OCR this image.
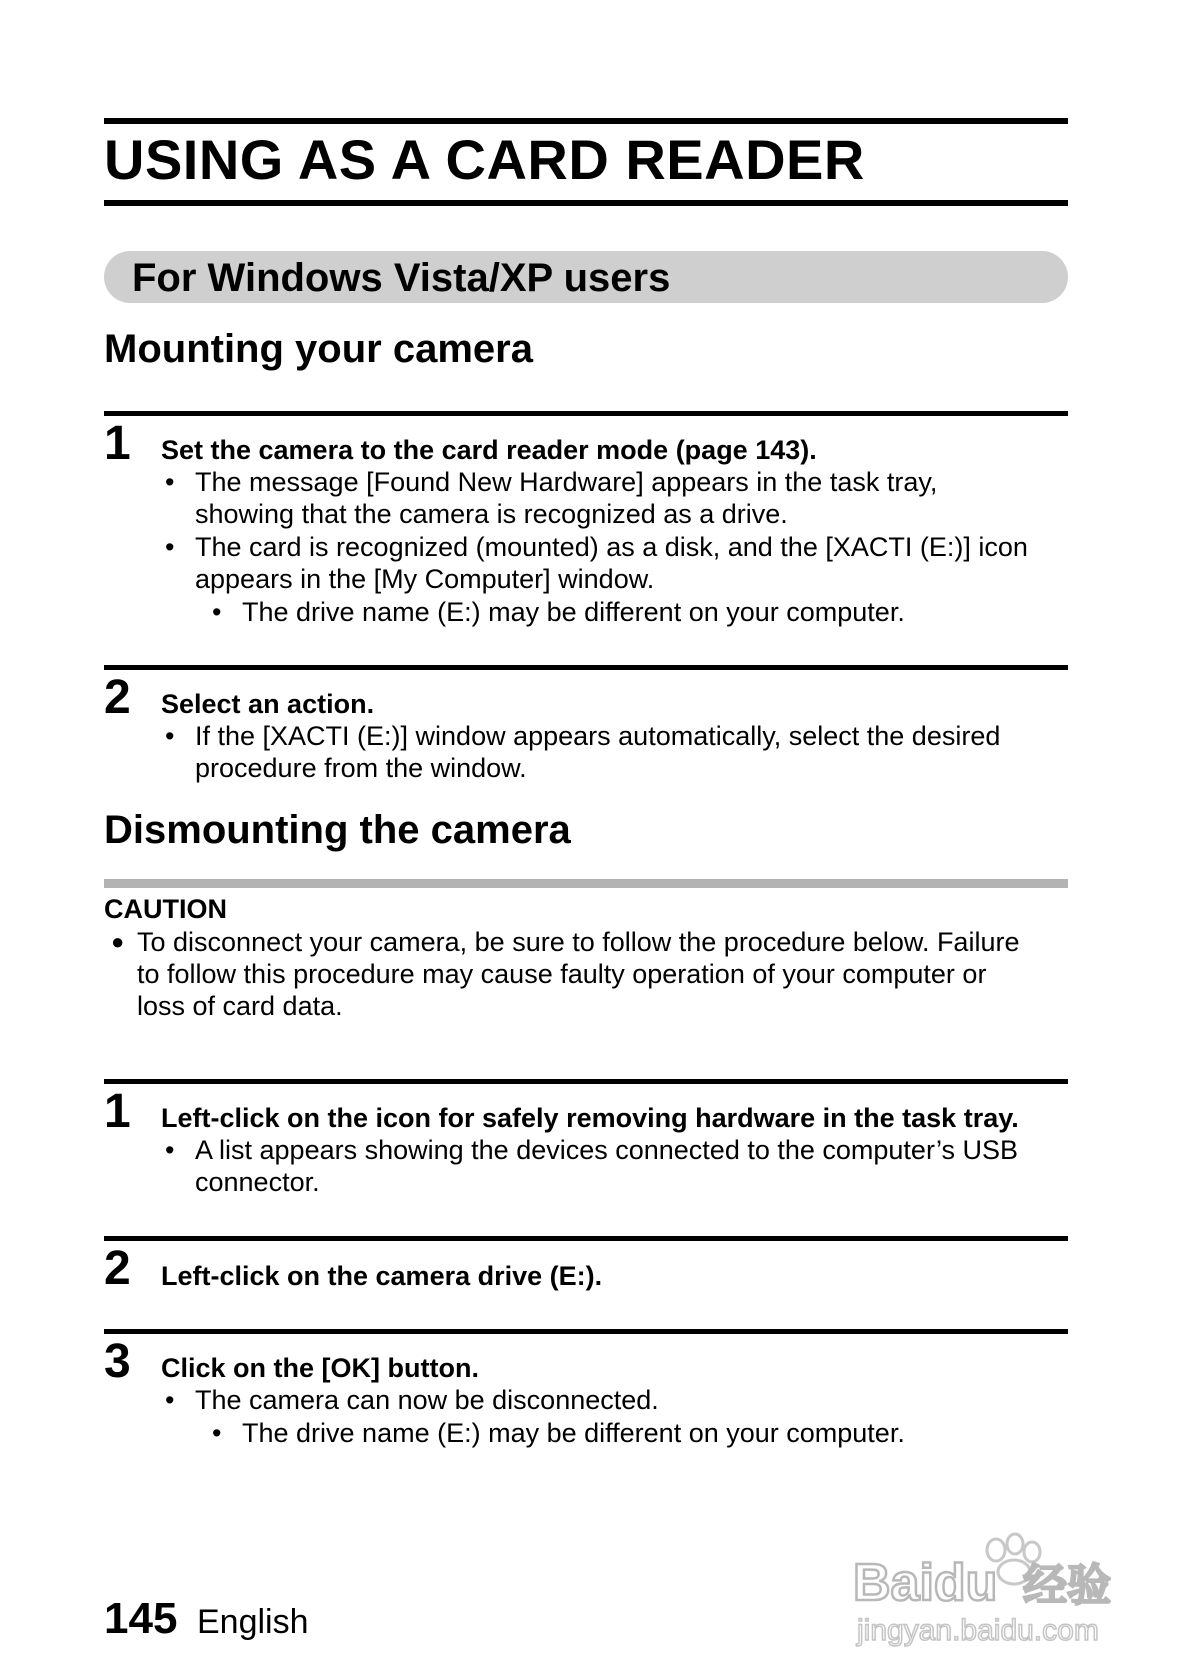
USING AS A CARD READER
For Windows Vista/XP users
Mounting your camera
1 Set the camera to the card reader mode (page 143).
• The message [Found New Hardware] appears in the task tray,
showing that the camera is recognized as a drive.
• The card is recognized (mounted) as a disk, and the [XACTI (E:)] icon
appears in the [My Computer] window.
• The drive name (E:) may be different on your computer.
2 Select an action.
• If the [XACTI (E:)] window appears automatically, select the desired
procedure from the window.
Dismounting the camera
CAUTION
● To disconnect your camera, be sure to follow the procedure below. Failure
to follow this procedure may cause faulty operation of your computer or
loss of card data.
1 Left-click on the icon for safely removing hardware in the task tray.
• A list appears showing the devices connected to the computer’s USB
connector.
2 Left-click on the camera drive (E:).
3 Click on the [OK] button.
• The camera can now be disconnected.
• The drive name (E:) may be different on your computer.
145 English
Baidu 经验
jingyan.baidu.com
